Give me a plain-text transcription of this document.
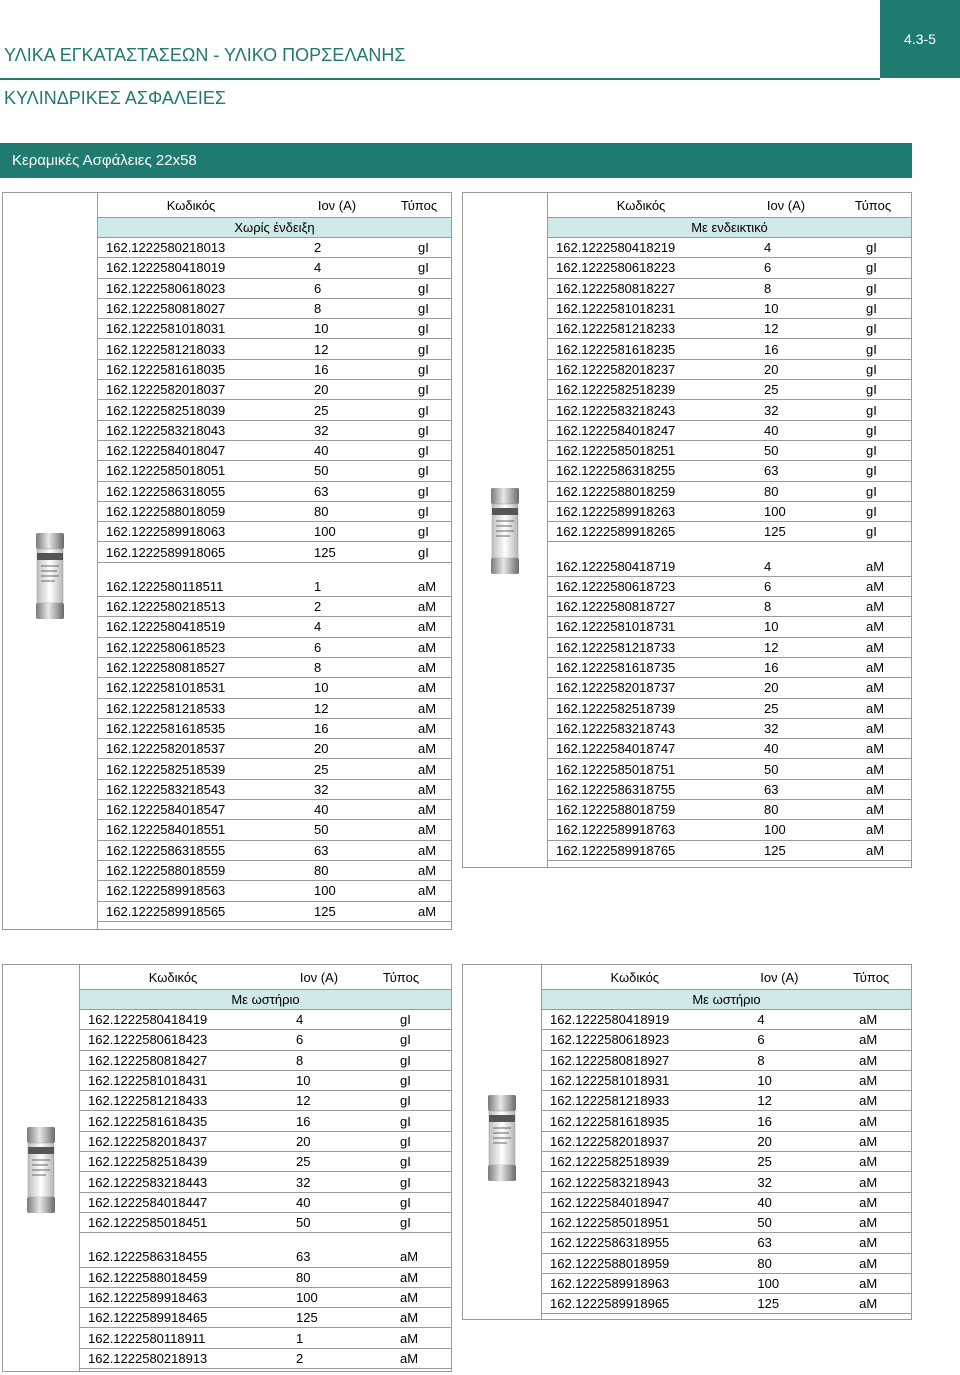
4.3-5
ΥΛΙΚΑ ΕΓΚΑΤΑΣΤΑΣΕΩΝ - ΥΛΙΚΟ ΠΟΡΣΕΛΑΝΗΣ
ΚΥΛΙΝΔΡΙΚΕΣ ΑΣΦΑΛΕΙΕΣ
Κεραμικές Ασφάλειες 22x58
Κωδικός	Ιον (A)	Τύπος
Χωρίς ένδειξη
162.1222580218013	2	gI
162.1222580418019	4	gI
162.1222580618023	6	gI
162.1222580818027	8	gI
162.1222581018031	10	gI
162.1222581218033	12	gI
162.1222581618035	16	gI
162.1222582018037	20	gI
162.1222582518039	25	gI
162.1222583218043	32	gI
162.1222584018047	40	gI
162.1222585018051	50	gI
162.1222586318055	63	gI
162.1222588018059	80	gI
162.1222589918063	100	gI
162.1222589918065	125	gI
162.1222580118511	1	aM
162.1222580218513	2	aM
162.1222580418519	4	aM
162.1222580618523	6	aM
162.1222580818527	8	aM
162.1222581018531	10	aM
162.1222581218533	12	aM
162.1222581618535	16	aM
162.1222582018537	20	aM
162.1222582518539	25	aM
162.1222583218543	32	aM
162.1222584018547	40	aM
162.1222584018551	50	aM
162.1222586318555	63	aM
162.1222588018559	80	aM
162.1222589918563	100	aM
162.1222589918565	125	aM
Κωδικός	Ιον (A)	Τύπος
Με ενδεικτικό
162.1222580418219	4	gI
162.1222580618223	6	gI
162.1222580818227	8	gI
162.1222581018231	10	gI
162.1222581218233	12	gI
162.1222581618235	16	gI
162.1222582018237	20	gI
162.1222582518239	25	gI
162.1222583218243	32	gI
162.1222584018247	40	gI
162.1222585018251	50	gI
162.1222586318255	63	gI
162.1222588018259	80	gI
162.1222589918263	100	gI
162.1222589918265	125	gI
162.1222580418719	4	aM
162.1222580618723	6	aM
162.1222580818727	8	aM
162.1222581018731	10	aM
162.1222581218733	12	aM
162.1222581618735	16	aM
162.1222582018737	20	aM
162.1222582518739	25	aM
162.1222583218743	32	aM
162.1222584018747	40	aM
162.1222585018751	50	aM
162.1222586318755	63	aM
162.1222588018759	80	aM
162.1222589918763	100	aM
162.1222589918765	125	aM
Κωδικός	Ιον (A)	Τύπος
Με ωστήριο
162.1222580418419	4	gI
162.1222580618423	6	gI
162.1222580818427	8	gI
162.1222581018431	10	gI
162.1222581218433	12	gI
162.1222581618435	16	gI
162.1222582018437	20	gI
162.1222582518439	25	gI
162.1222583218443	32	gI
162.1222584018447	40	gI
162.1222585018451	50	gI
162.1222586318455	63	aM
162.1222588018459	80	aM
162.1222589918463	100	aM
162.1222589918465	125	aM
162.1222580118911	1	aM
162.1222580218913	2	aM
Κωδικός	Ιον (A)	Τύπος
Με ωστήριο
162.1222580418919	4	aM
162.1222580618923	6	aM
162.1222580818927	8	aM
162.1222581018931	10	aM
162.1222581218933	12	aM
162.1222581618935	16	aM
162.1222582018937	20	aM
162.1222582518939	25	aM
162.1222583218943	32	aM
162.1222584018947	40	aM
162.1222585018951	50	aM
162.1222586318955	63	aM
162.1222588018959	80	aM
162.1222589918963	100	aM
162.1222589918965	125	aM
